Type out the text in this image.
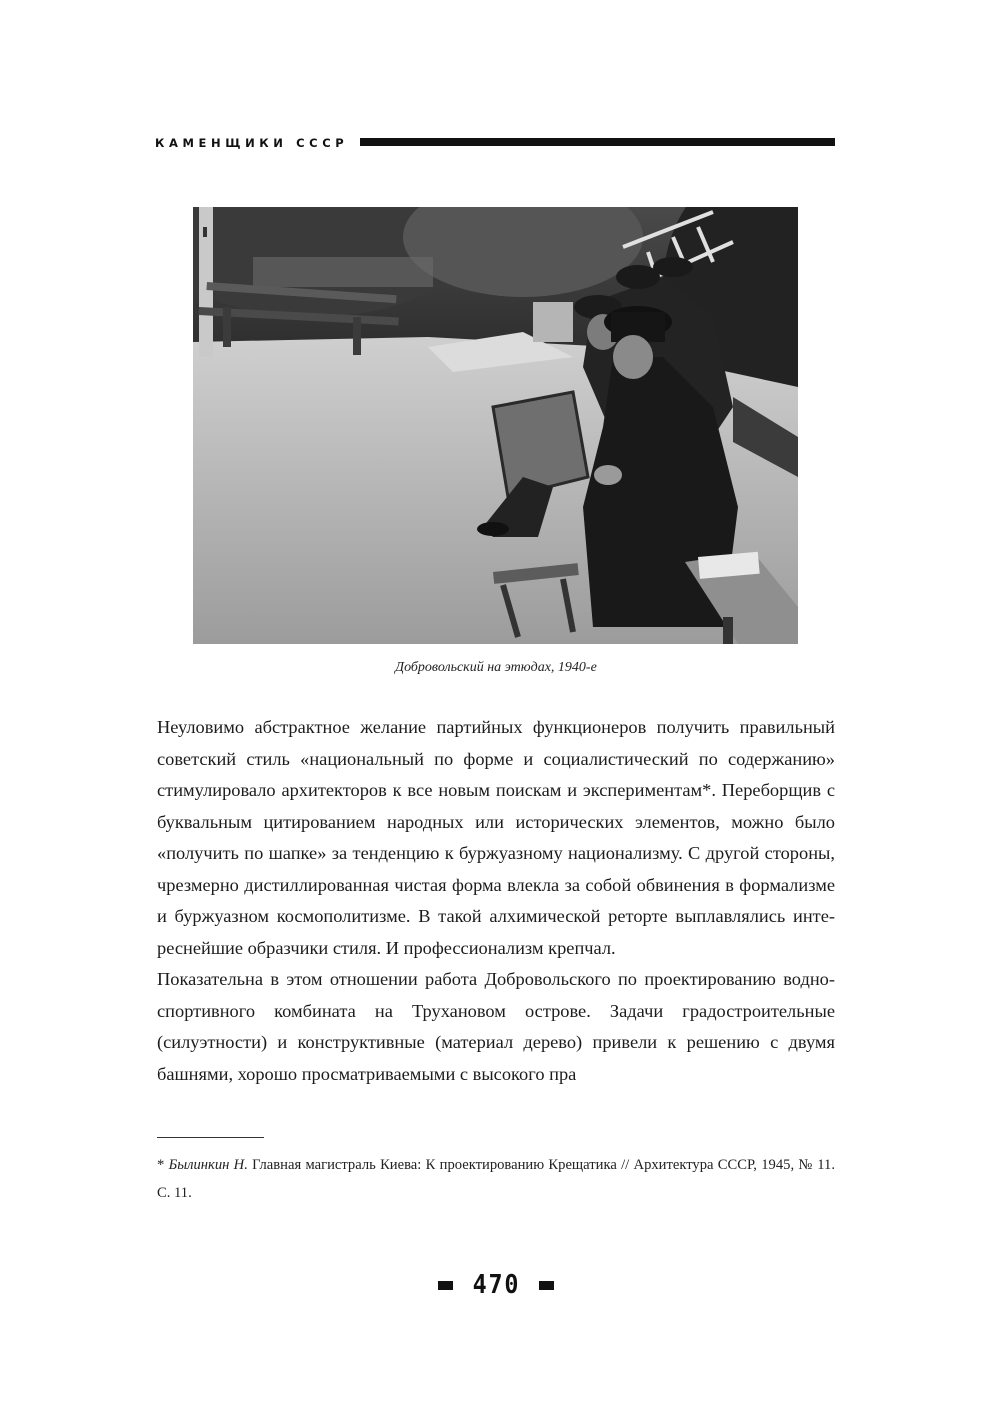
КАМЕНЩИКИ СССР
Добровольский на этюдах, 1940-е

Неуловимо абстрактное желание партийных функционеров получить правильный советский стиль «национальный по форме и социалистический по содержанию» стимулировало архитекторов к все новым поискам и экспериментам*. Переборщив с буквальным цитированием народных или исторических элементов, можно было «получить по шапке» за тенденцию к буржуазному национализму. С другой стороны, чрезмерно дистиллированная чистая форма влекла за собой обвинения в формализме и буржуазном космополитизме. В такой алхимической реторте выплавлялись интереснейшие образчики стиля. И профессионализм крепчал.

Показательна в этом отношении работа Добровольского по проектированию водно-спортивного комбината на Трухановом острове. Задачи градостроительные (силуэтности) и конструктивные (материал дерево) привели к решению с двумя башнями, хорошо просматриваемыми с высокого пра

* Былинкин Н. Главная магистраль Киева: К проектированию Крещатика // Архитектура СССР, 1945, № 11. С. 11.
470
